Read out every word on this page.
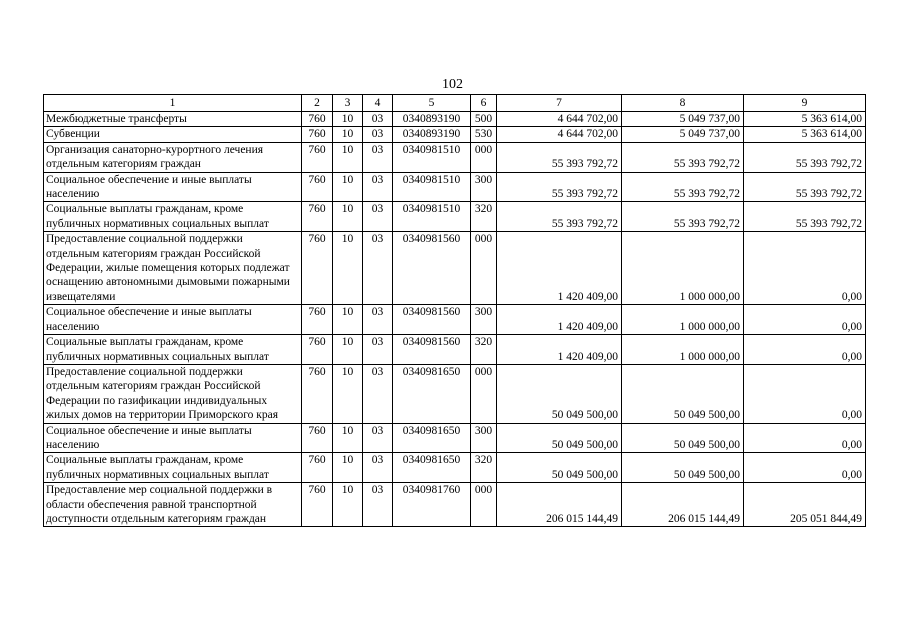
102
1	2	3	4	5	6	7	8	9
Межбюджетные трансферты	760	10	03	0340893190	500	4 644 702,00	5 049 737,00	5 363 614,00
Субвенции	760	10	03	0340893190	530	4 644 702,00	5 049 737,00	5 363 614,00
Организация санаторно-курортного лечения отдельным категориям граждан	760	10	03	0340981510	000	55 393 792,72	55 393 792,72	55 393 792,72
Социальное обеспечение и иные выплаты населению	760	10	03	0340981510	300	55 393 792,72	55 393 792,72	55 393 792,72
Социальные выплаты гражданам, кроме публичных нормативных социальных выплат	760	10	03	0340981510	320	55 393 792,72	55 393 792,72	55 393 792,72
Предоставление социальной поддержки отдельным категориям граждан Российской Федерации, жилые помещения которых подлежат оснащению автономными дымовыми пожарными извещателями	760	10	03	0340981560	000	1 420 409,00	1 000 000,00	0,00
Социальное обеспечение и иные выплаты населению	760	10	03	0340981560	300	1 420 409,00	1 000 000,00	0,00
Социальные выплаты гражданам, кроме публичных нормативных социальных выплат	760	10	03	0340981560	320	1 420 409,00	1 000 000,00	0,00
Предоставление социальной поддержки отдельным категориям граждан Российской Федерации по газификации индивидуальных жилых домов на территории Приморского края	760	10	03	0340981650	000	50 049 500,00	50 049 500,00	0,00
Социальное обеспечение и иные выплаты населению	760	10	03	0340981650	300	50 049 500,00	50 049 500,00	0,00
Социальные выплаты гражданам, кроме публичных нормативных социальных выплат	760	10	03	0340981650	320	50 049 500,00	50 049 500,00	0,00
Предоставление мер социальной поддержки в области обеспечения равной транспортной доступности отдельным категориям граждан	760	10	03	0340981760	000	206 015 144,49	206 015 144,49	205 051 844,49
